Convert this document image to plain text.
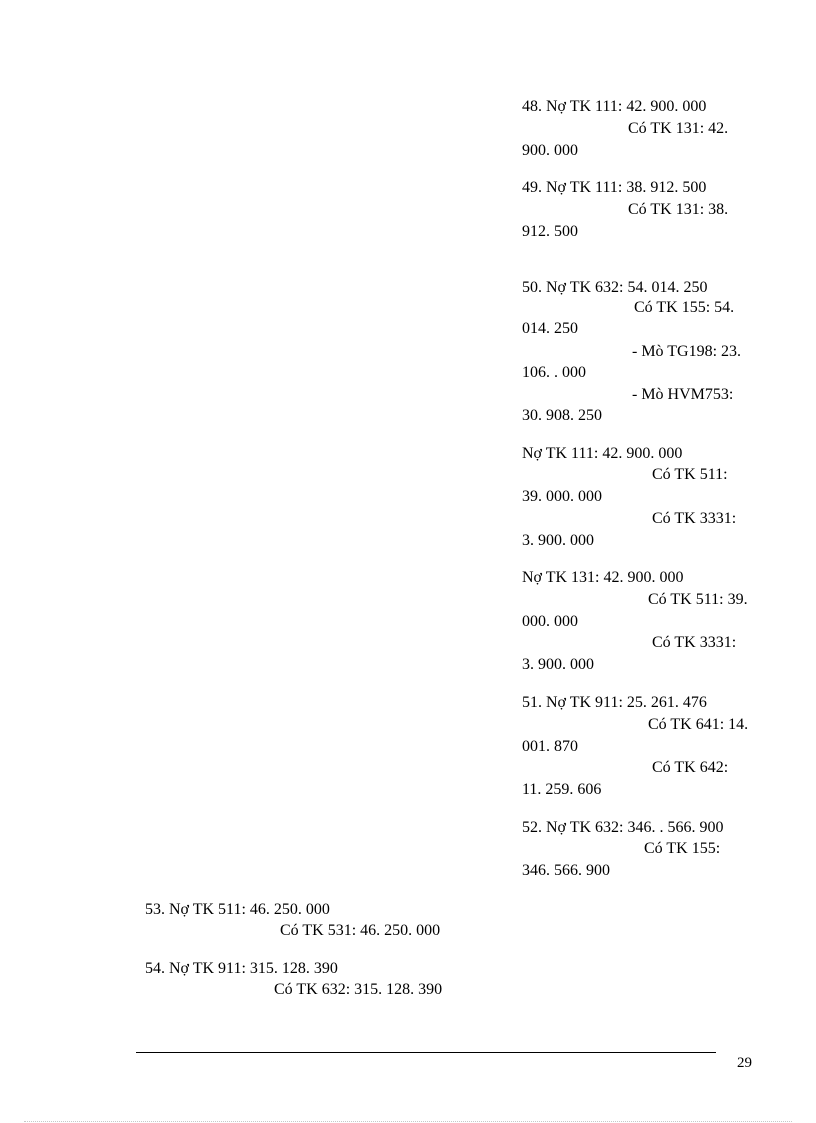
48. Nợ TK 111: 42. 900. 000
Có TK 131: 42.
900. 000
49. Nợ TK 111: 38. 912. 500
Có TK 131: 38.
912. 500
50. Nợ TK 632: 54. 014. 250
Có TK 155: 54.
014. 250
- Mò TG198: 23.
106. . 000
- Mò HVM753:
30. 908. 250
Nợ TK 111: 42. 900. 000
Có TK 511:
39. 000. 000
Có TK 3331:
3. 900. 000
Nợ TK 131: 42. 900. 000
Có TK 511: 39.
000. 000
Có TK 3331:
3. 900. 000
51. Nợ TK 911: 25. 261. 476
Có TK 641: 14.
001. 870
Có TK 642:
11. 259. 606
52. Nợ TK 632: 346. . 566. 900
Có TK 155:
346. 566. 900
53. Nợ TK 511: 46. 250. 000
Có TK 531: 46. 250. 000
54. Nợ TK 911: 315. 128. 390
Có TK 632: 315. 128. 390
29
